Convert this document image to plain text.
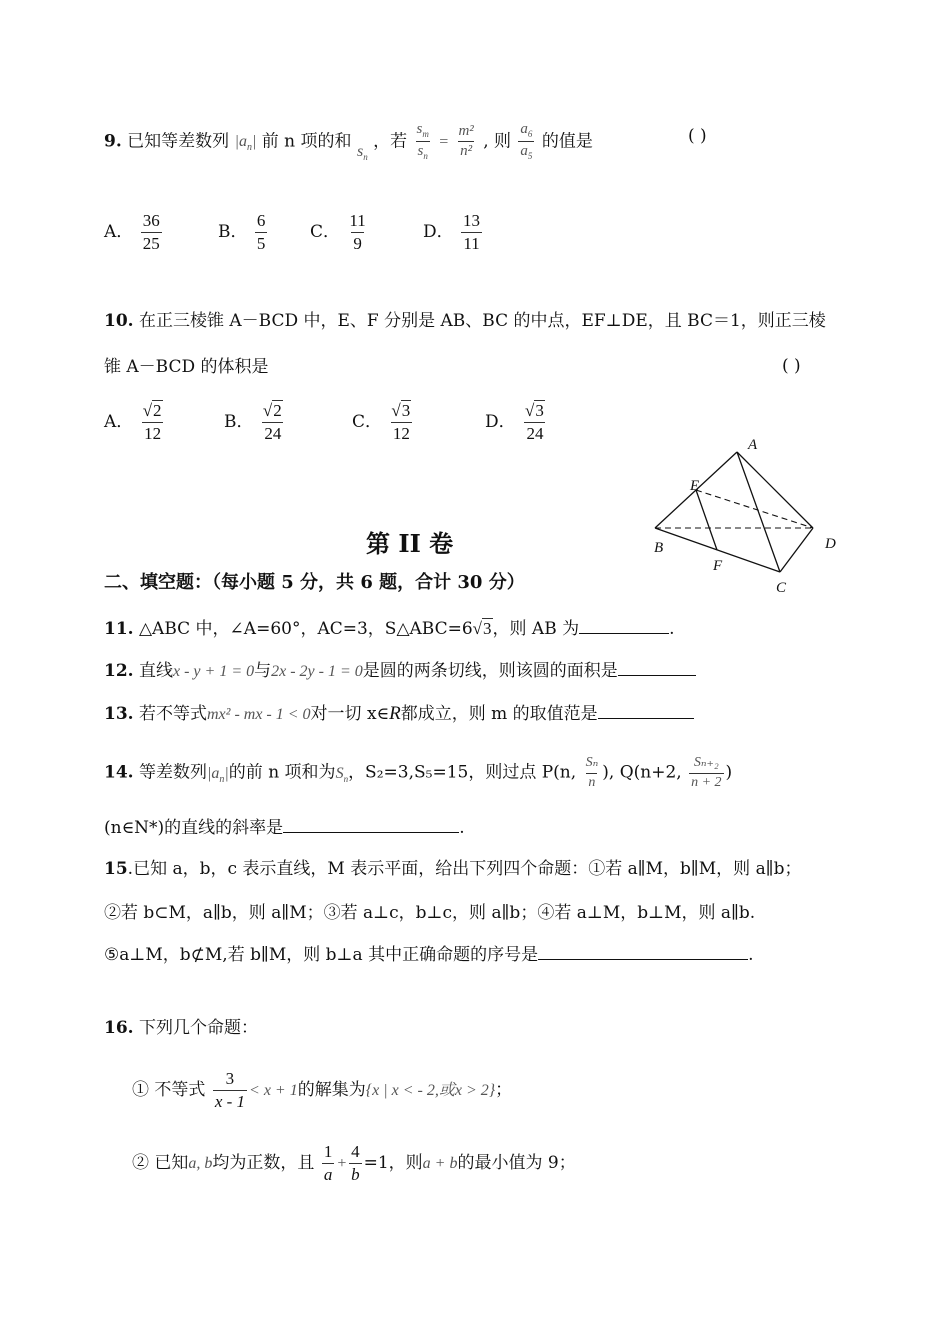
9. 已知等差数列 $|a_n|$ 前 n 项的和 $s_n$ ，若 $\frac{s_m}{s_n} = \frac{\text{m²}}{\text{n²}}$ , 则 $\frac{a_6}{a_5}$ 的值是	( )
A． $\frac{36}{25}$	B． $\frac{6}{5}$	C． $\frac{11}{9}$	D． $\frac{13}{11}$
10. 在正三棱锥 A－BCD 中，E、F 分别是 AB、BC 的中点，EF⊥DE，且 BC＝1，则正三棱
锥 A－BCD 的体积是	( )
A． $\frac{√2}{12}$	B． $\frac{√2}{24}$	C． $\frac{√3}{12}$	D． $\frac{√3}{24}$
A
E
B	D
F
C
第 II 卷
二、填空题：（每小题 5 分，共 6 题，合计 30 分）
11. △ABC 中，∠A=60°，AC=3，S△ABC=6√3，则 AB 为	.
12. 直线x - y + 1 = 0与2x - 2y - 1 = 0是圆的两条切线，则该圆的面积是
13. 若不等式mx² - mx - 1 < 0对一切 x∈R都成立，则 m 的取值范是
14. 等差数列$|a_n|$的前 n 项和为$S_n$，S₂=3,S₅=15，则过点 P(n, $\frac{\text{Sₙ}}{n}$ ), Q(n+2, $\frac{\text{Sₙ₊₂}}{n + 2}$ )
(n∈N*)的直线的斜率是	.
15.已知 a，b，c 表示直线，M 表示平面，给出下列四个命题：①若 a∥M，b∥M，则 a∥b；
②若 b⊂M，a∥b，则 a∥M；③若 a⊥c，b⊥c，则 a∥b；④若 a⊥M，b⊥M，则 a∥b.
⑤a⊥M，b⊄M,若 b∥M，则 b⊥a 其中正确命题的序号是	.
16. 下列几个命题：
① 不等式 $\frac{3}{x - 1} < x + 1$的解集为{x | x < - 2,或x > 2}；
② 已知a, b均为正数，且 $\frac{1}{a} + \frac{4}{b} =1$，则a + b的最小值为 9；
